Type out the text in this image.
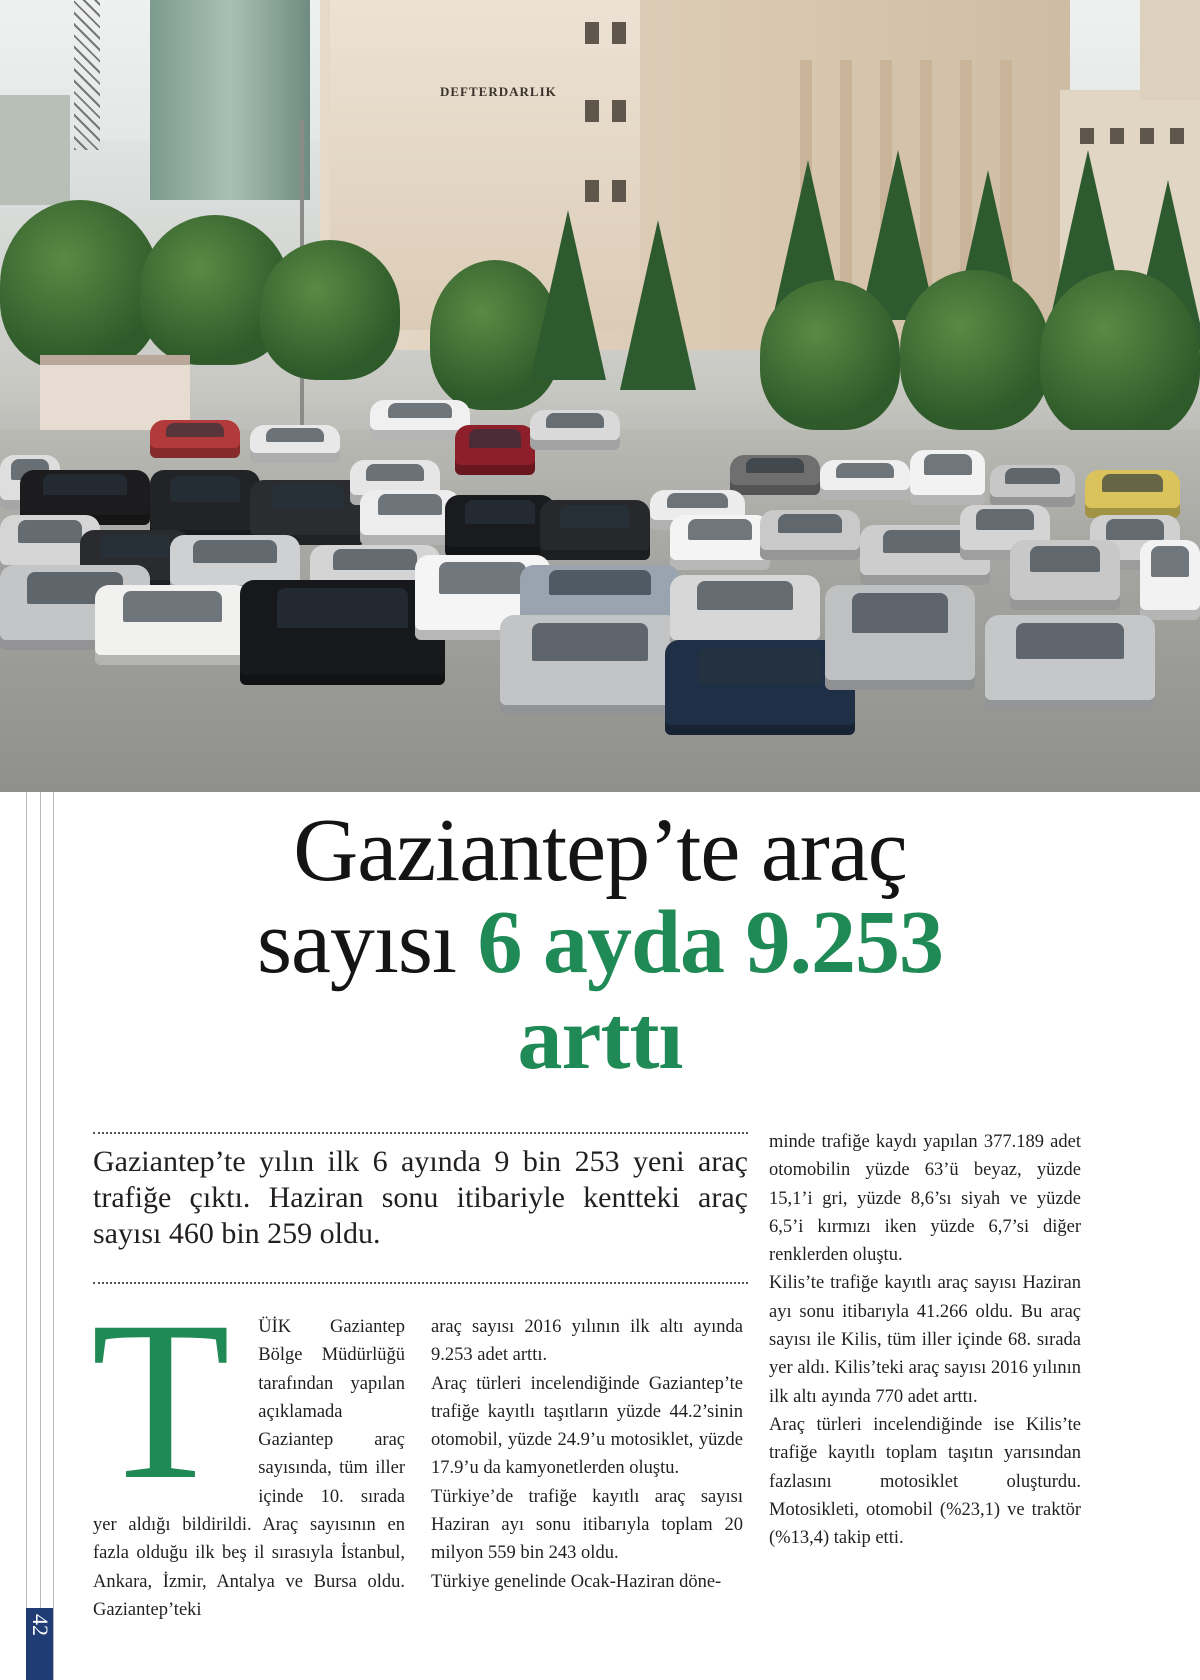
DEFTERDARLIK
42
Gaziantep’te araç
sayısı 6 ayda 9.253
arttı

Gaziantep’te yılın ilk 6 ayında 9 bin 253 yeni araç trafiğe çıktı. Haziran sonu itibariyle kentteki araç sayısı 460 bin 259 oldu.

T	ÜİK Gaziantep Bölge Müdürlüğü tarafından yapılan açıklamada Gaziantep araç sayısında, tüm iller içinde 10. sırada yer aldığı bildirildi. Araç sayısının en fazla olduğu ilk beş il sırasıyla İstanbul, Ankara, İzmir, Antalya ve Bursa oldu. Gaziantep’teki

araç sayısı 2016 yılının ilk altı ayında 9.253 adet arttı.

Araç türleri incelendiğinde Gaziantep’te trafiğe kayıtlı taşıtların yüzde 44.2’sinin otomobil, yüzde 24.9’u motosiklet, yüzde 17.9’u da kamyonetlerden oluştu.

Türkiye’de trafiğe kayıtlı araç sayısı Haziran ayı sonu itibarıyla toplam 20 milyon 559 bin 243 oldu.

Türkiye genelinde Ocak-Haziran döne-

minde trafiğe kaydı yapılan 377.189 adet otomobilin yüzde 63’ü beyaz, yüzde 15,1’i gri, yüzde 8,6’sı siyah ve yüzde 6,5’i kırmızı iken yüzde 6,7’si diğer renklerden oluştu.

Kilis’te trafiğe kayıtlı araç sayısı Haziran ayı sonu itibarıyla 41.266 oldu. Bu araç sayısı ile Kilis, tüm iller içinde 68. sırada yer aldı. Kilis’teki araç sayısı 2016 yılının ilk altı ayında 770 adet arttı.

Araç türleri incelendiğinde ise Kilis’te trafiğe kayıtlı toplam taşıtın yarısından fazlasını motosiklet oluşturdu. Motosikleti, otomobil (%23,1) ve traktör (%13,4) takip etti.
